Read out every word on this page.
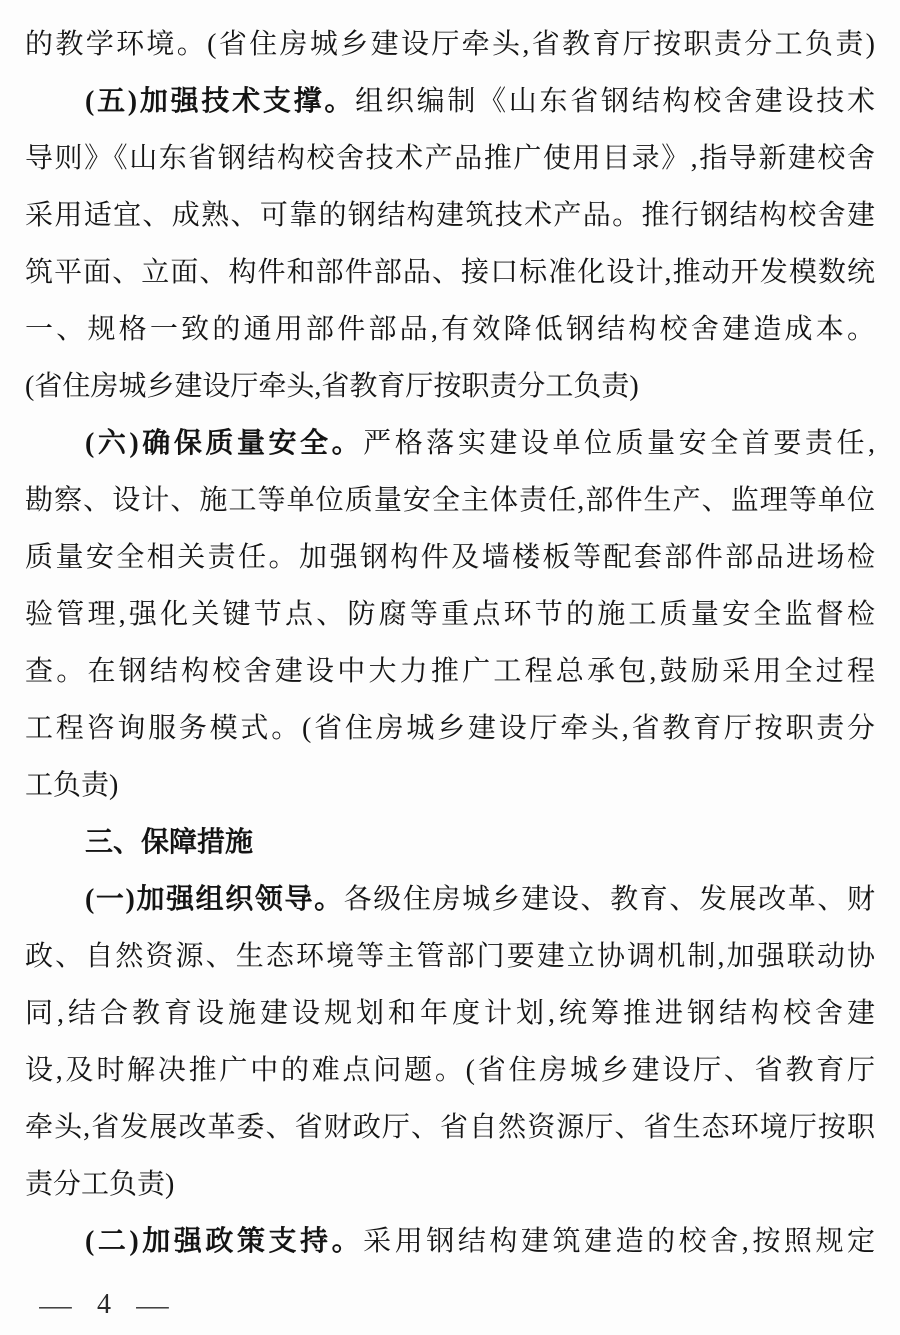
的教学环境。(省住房城乡建设厅牵头,省教育厅按职责分工负责)
(五)加强技术支撑。组织编制《山东省钢结构校舍建设技术
导则》《山东省钢结构校舍技术产品推广使用目录》,指导新建校舍
采用适宜、成熟、可靠的钢结构建筑技术产品。推行钢结构校舍建
筑平面、立面、构件和部件部品、接口标准化设计,推动开发模数统
一、规格一致的通用部件部品,有效降低钢结构校舍建造成本。
(省住房城乡建设厅牵头,省教育厅按职责分工负责)
(六)确保质量安全。严格落实建设单位质量安全首要责任,
勘察、设计、施工等单位质量安全主体责任,部件生产、监理等单位
质量安全相关责任。加强钢构件及墙楼板等配套部件部品进场检
验管理,强化关键节点、防腐等重点环节的施工质量安全监督检
查。在钢结构校舍建设中大力推广工程总承包,鼓励采用全过程
工程咨询服务模式。(省住房城乡建设厅牵头,省教育厅按职责分
工负责)
三、保障措施
(一)加强组织领导。各级住房城乡建设、教育、发展改革、财
政、自然资源、生态环境等主管部门要建立协调机制,加强联动协
同,结合教育设施建设规划和年度计划,统筹推进钢结构校舍建
设,及时解决推广中的难点问题。(省住房城乡建设厅、省教育厅
牵头,省发展改革委、省财政厅、省自然资源厅、省生态环境厅按职
责分工负责)
(二)加强政策支持。采用钢结构建筑建造的校舍,按照规定
— 4 —
